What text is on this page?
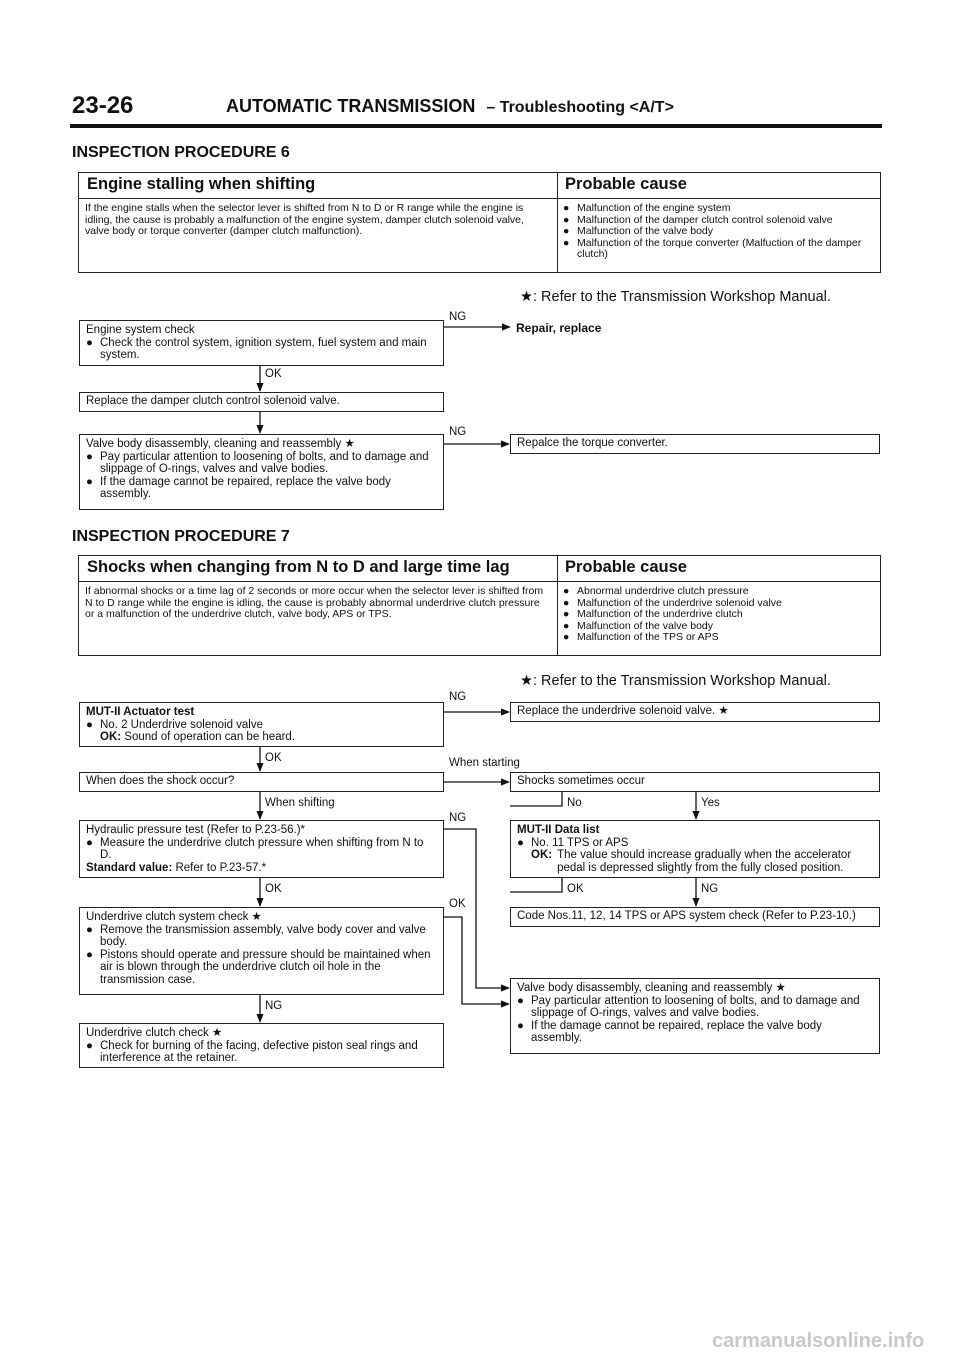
23-26	AUTOMATIC TRANSMISSION – Troubleshooting <A/T>
INSPECTION PROCEDURE 6
Engine stalling when shifting	Probable cause
If the engine stalls when the selector lever is shifted from N to D or R range while the engine is idling, the cause is probably a malfunction of the engine system, damper clutch solenoid valve, valve body or torque converter (damper clutch malfunction).
● Malfunction of the engine system
● Malfunction of the damper clutch control solenoid valve
● Malfunction of the valve body
● Malfunction of the torque converter (Malfuction of the damper clutch)
★: Refer to the Transmission Workshop Manual.
Engine system check
● Check the control system, ignition system, fuel system and main system.
NG
Repair, replace
OK
Replace the damper clutch control solenoid valve.
Valve body disassembly, cleaning and reassembly ★
● Pay particular attention to loosening of bolts, and to damage and slippage of O-rings, valves and valve bodies.
● If the damage cannot be repaired, replace the valve body assembly.
NG
Repalce the torque converter.
INSPECTION PROCEDURE 7
Shocks when changing from N to D and large time lag	Probable cause
If abnormal shocks or a time lag of 2 seconds or more occur when the selector lever is shifted from N to D range while the engine is idling, the cause is probably abnormal underdrive clutch pressure or a malfunction of the underdrive clutch, valve body, APS or TPS.
● Abnormal underdrive clutch pressure
● Malfunction of the underdrive solenoid valve
● Malfunction of the underdrive clutch
● Malfunction of the valve body
● Malfunction of the TPS or APS
★: Refer to the Transmission Workshop Manual.
MUT-II Actuator test
● No. 2 Underdrive solenoid valve
OK: Sound of operation can be heard.
NG
OK
When does the shock occur?
When starting
When shifting
Hydraulic pressure test (Refer to P.23-56.)*
● Measure the underdrive clutch pressure when shifting from N to D.
Standard value: Refer to P.23-57.*
NG
OK
Underdrive clutch system check ★
● Remove the transmission assembly, valve body cover and valve body.
● Pistons should operate and pressure should be maintained when air is blown through the underdrive clutch oil hole in the transmission case.
OK
NG
Underdrive clutch check ★
● Check for burning of the facing, defective piston seal rings and interference at the retainer.
Replace the underdrive solenoid valve. ★
Shocks sometimes occur
No	Yes
MUT-II Data list
● No. 11 TPS or APS
OK: The value should increase gradually when the accelerator pedal is depressed slightly from the fully closed position.
OK	NG
Code Nos.11, 12, 14 TPS or APS system check (Refer to P.23-10.)
Valve body disassembly, cleaning and reassembly ★
● Pay particular attention to loosening of bolts, and to damage and slippage of O-rings, valves and valve bodies.
● If the damage cannot be repaired, replace the valve body assembly.
carmanualsonline.info
